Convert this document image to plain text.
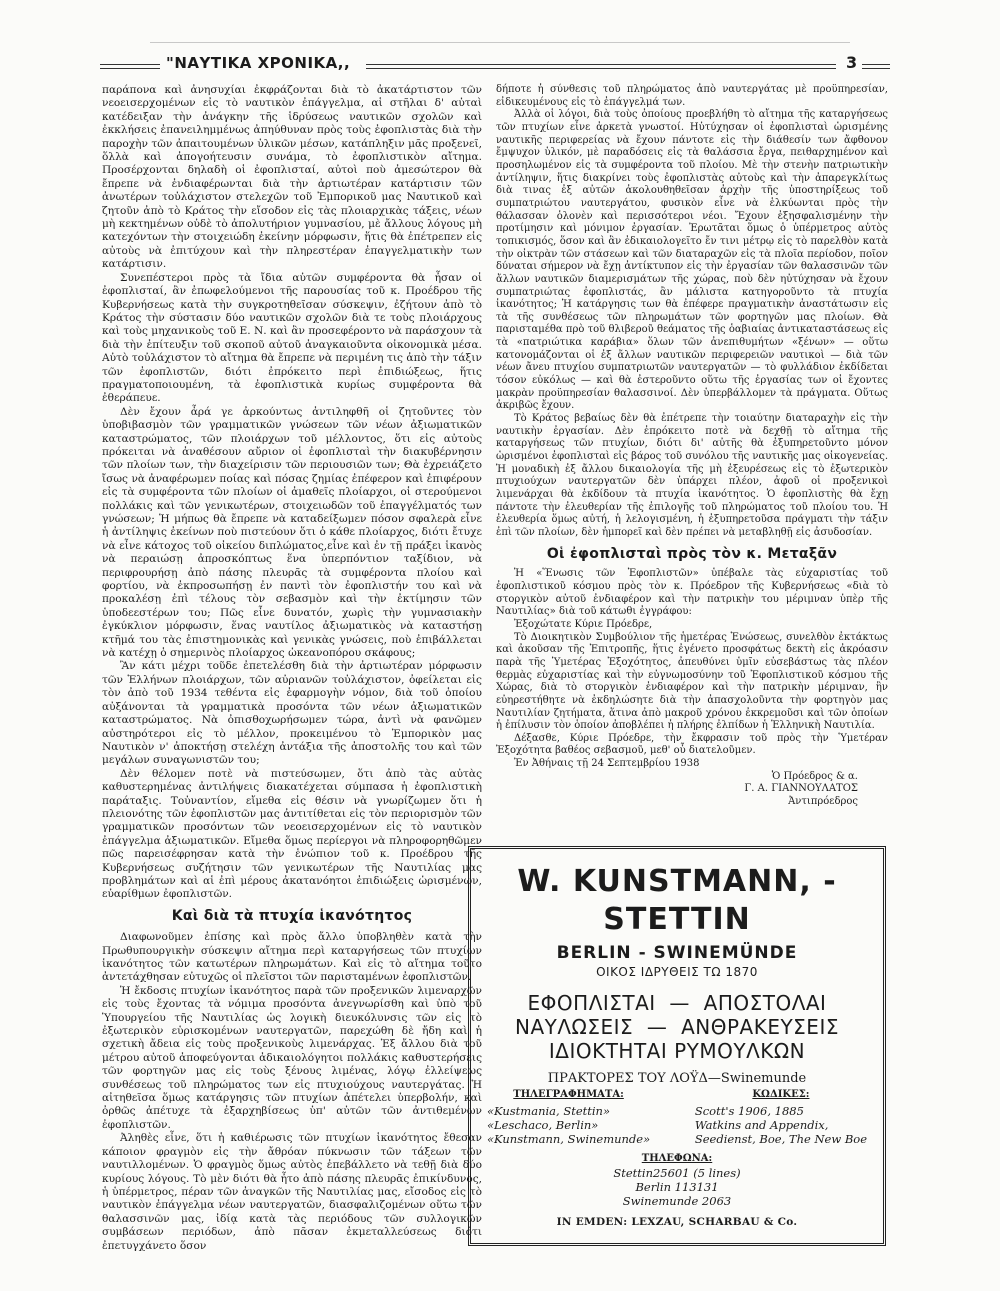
"ΝΑΥΤΙΚΑ ΧΡΟΝΙΚΑ,,	3

παράπονα καὶ ἀνησυχίαι ἐκφράζονται διὰ τὸ ἀκατάρτιστον τῶν νεοεισερχομένων εἰς τὸ ναυτικὸν ἐπάγγελμα, αἱ στῆλαι δ' αὐταὶ κατέδειξαν τὴν ἀνάγκην τῆς ἱδρύσεως ναυτικῶν σχολῶν καὶ ἐκκλήσεις ἐπανειλημμένως ἀπηύθυναν πρὸς τοὺς ἐφοπλιστὰς διὰ τὴν παροχὴν τῶν ἀπαιτουμένων ὑλικῶν μέσων, κατάπληξιν μᾶς προξενεῖ, ὅλλὰ καὶ ἀπογοήτευσιν συνάμα, τὸ ἐφοπλιστικὸν αἴτημα. Προσέρχονται δηλαδὴ οἱ ἐφοπλισταί, αὐτοὶ ποὺ ἀμεσώτερον θὰ ἔπρεπε νὰ ἐνδιαφέρωνται διὰ τὴν ἀρτιωτέραν κατάρτισιν τῶν ἀνωτέρων τοὐλάχιστον στελεχῶν τοῦ Ἐμπορικοῦ μας Ναυτικοῦ καὶ ζητοῦν ἀπὸ τὸ Κράτος τὴν εἴσοδον εἰς τὰς πλοιαρχικὰς τάξεις, νέων μὴ κεκτημένων οὐδὲ τὸ ἀπολυτήριον γυμνασίου, μὲ ἄλλους λόγους μὴ κατεχόντων τὴν στοιχειώδη ἐκείνην μόρφωσιν, ἥτις θὰ ἐπέτρεπεν εἰς αὐτοὺς νὰ ἐπιτύχουν καὶ τὴν πληρεστέραν ἐπαγγελματικὴν των κατάρτισιν.

Συνεπέστεροι πρὸς τὰ ἴδια αὐτῶν συμφέροντα θὰ ἦσαν οἱ ἐφοπλισταί, ἂν ἐπωφελούμενοι τῆς παρουσίας τοῦ κ. Προέδρου τῆς Κυβερνήσεως κατὰ τὴν συγκροτηθεῖσαν σύσκεψιν, ἐζήτουν ἀπὸ τὸ Κράτος τὴν σύστασιν δύο ναυτικῶν σχολῶν διὰ τε τοὺς πλοιάρχους καὶ τοὺς μηχανικοὺς τοῦ Ε. Ν. καὶ ἂν προσεφέροντο νὰ παράσχουν τὰ διὰ τὴν ἐπίτευξιν τοῦ σκοποῦ αὐτοῦ ἀναγκαιοῦντα οἰκονομικὰ μέσα. Αὐτὸ τοὐλάχιστον τὸ αἴτημα θὰ ἔπρεπε νὰ περιμένη τις ἀπὸ τὴν τάξιν τῶν ἐφοπλιστῶν, διότι ἐπρόκειτο περὶ ἐπιδιώξεως, ἥτις πραγματοποιουμένη, τὰ ἐφοπλιστικὰ κυρίως συμφέροντα θὰ ἐθεράπευε.

Δὲν ἔχουν ἆρά γε ἀρκούντως ἀντιληφθῆ οἱ ζητοῦντες τὸν ὑποβιβασμὸν τῶν γραμματικῶν γνώσεων τῶν νέων ἀξιωματικῶν καταστρώματος, τῶν πλοιάρχων τοῦ μέλλοντος, ὅτι εἰς αὐτοὺς πρόκειται νὰ ἀναθέσουν αὔριον οἱ ἐφοπλισταὶ τὴν διακυβέρνησιν τῶν πλοίων των, τὴν διαχείρισιν τῶν περιουσιῶν των; Θὰ ἐχρειάζετο ἴσως νὰ ἀναφέρωμεν ποίας καὶ πόσας ζημίας ἐπέφερον καὶ ἐπιφέρουν εἰς τὰ συμφέροντα τῶν πλοίων οἱ ἀμαθεῖς πλοίαρχοι, οἱ στερούμενοι πολλάκις καὶ τῶν γενικωτέρων, στοιχειωδῶν τοῦ ἐπαγγέλματός των γνώσεων; Ἡ μήπως θὰ ἔπρεπε νὰ καταδείξωμεν πόσον σφαλερὰ εἶνε ἡ ἀντίληψις ἐκείνων ποὺ πιστεύουν ὅτι ὁ κάθε πλοίαρχος, διότι ἔτυχε νὰ εἶνε κάτοχος τοῦ οἰκείου διπλώματος,εἶνε καὶ ἐν τῇ πράξει ἱκανὸς νὰ περαιώσῃ ἀπροσκόπτως ἕνα ὑπερπόντιον ταξίδιον, νὰ περιφρουρήσῃ ἀπὸ πάσης πλευρᾶς τὰ συμφέροντα πλοίου καὶ φορτίου, νὰ ἐκπροσωπήσῃ ἐν παντὶ τὸν ἐφοπλιστήν του καὶ νὰ προκαλέσῃ ἐπὶ τέλους τὸν σεβασμὸν καὶ τὴν ἐκτίμησιν τῶν ὑποδεεστέρων του; Πῶς εἶνε δυνατόν, χωρὶς τὴν γυμνασιακὴν ἐγκύκλιον μόρφωσιν, ἕνας ναυτίλος ἀξιωματικὸς νὰ καταστήσῃ κτῆμά του τὰς ἐπιστημονικὰς καὶ γενικὰς γνώσεις, ποὺ ἐπιβάλλεται νὰ κατέχῃ ὁ σημερινὸς πλοίαρχος ὠκεανοπόρου σκάφους;

Ἂν κάτι μέχρι τοῦδε ἐπετελέσθη διὰ τὴν ἀρτιωτέραν μόρφωσιν τῶν Ἑλλήνων πλοιάρχων, τῶν αὐριανῶν τοὐλάχιστον, ὀφείλεται εἰς τὸν ἀπὸ τοῦ 1934 τεθέντα εἰς ἐφαρμογὴν νόμον, διὰ τοῦ ὁποίου αὐξάνονται τὰ γραμματικὰ προσόντα τῶν νέων ἀξιωματικῶν καταστρώματος. Νὰ ὀπισθοχωρήσωμεν τώρα, ἀντὶ νὰ φανῶμεν αὐστηρότεροι εἰς τὸ μέλλον, προκειμένου τὸ Ἐμπορικὸν μας Ναυτικὸν ν' ἀποκτήσῃ στελέχη ἀντάξια τῆς ἀποστολῆς του καὶ τῶν μεγάλων συναγωνιστῶν του;

Δὲν θέλομεν ποτὲ νὰ πιστεύσωμεν, ὅτι ἀπὸ τὰς αὐτὰς καθυστερημένας ἀντιλήψεις διακατέχεται σύμπασα ἡ ἐφοπλιστικὴ παράταξις. Τοὐναντίον, εἴμεθα εἰς θέσιν νὰ γνωρίζωμεν ὅτι ἡ πλειονότης τῶν ἐφοπλιστῶν μας ἀντιτίθεται εἰς τὸν περιορισμὸν τῶν γραμματικῶν προσόντων τῶν νεοεισερχομένων εἰς τὸ ναυτικὸν ἐπάγγελμα ἀξιωματικῶν. Εἴμεθα ὅμως περίεργοι νὰ πληροφορηθῶμεν πῶς παρεισέφρησαν κατὰ τὴν ἑνώπιον τοῦ κ. Προέδρου τῆς Κυβερνήσεως συζήτησιν τῶν γενικωτέρων τῆς Ναυτιλίας μας προβλημάτων καὶ αἱ ἐπὶ μέρους ἀκατανόητοι ἐπιδιώξεις ὡρισμένων, εὐαρίθμων ἐφοπλιστῶν.

Καὶ διὰ τὰ πτυχία ἱκανότητος

Διαφωνοῦμεν ἐπίσης καὶ πρὸς ἄλλο ὑποβληθὲν κατὰ τὴν Πρωθυπουργικὴν σύσκεψιν αἴτημα περὶ καταργήσεως τῶν πτυχίων ἱκανότητος τῶν κατωτέρων πληρωμάτων. Καὶ εἰς τὸ αἴτημα τοῦτο ἀντετάχθησαν εὐτυχῶς οἱ πλεῖστοι τῶν παρισταμένων ἐφοπλιστῶν.

Ἡ ἔκδοσις πτυχίων ἱκανότητος παρὰ τῶν προξενικῶν λιμεναρχῶν εἰς τοὺς ἔχοντας τὰ νόμιμα προσόντα ἀνεγνωρίσθη καὶ ὑπὸ τοῦ Ὑπουργείου τῆς Ναυτιλίας ὡς λογικὴ διευκόλυνσις τῶν εἰς τὸ ἐξωτερικὸν εὑρισκομένων ναυτεργατῶν, παρεχώθη δὲ ἤδη καὶ ἡ σχετικὴ ἄδεια εἰς τοὺς προξενικοὺς λιμενάρχας. Ἐξ ἄλλου διὰ τοῦ μέτρου αὐτοῦ ἀποφεύγονται ἀδικαιολόγητοι πολλάκις καθυστερήσεις τῶν φορτηγῶν μας εἰς τοὺς ξένους λιμένας, λόγῳ ἐλλείψεως συνθέσεως τοῦ πληρώματος των εἰς πτυχιούχους ναυτεργάτας. Ἡ αἰτηθεῖσα ὅμως κατάργησις τῶν πτυχίων ἀπέτελει ὑπερβολήν, καὶ ὀρθῶς ἀπέτυχε τὰ ἐξαρχηβίσεως ὑπ' αὐτῶν τῶν ἀντιθεμένων ἐφοπλιστῶν.

Ἀληθὲς εἶνε, ὅτι ἡ καθιέρωσις τῶν πτυχίων ἱκανότητος ἔθεσαν κάποιον φραγμὸν εἰς τὴν ἄθρόαν πύκνωσιν τῶν τάξεων τῶν ναυτιλλομένων. Ὁ φραγμὸς ὅμως αὐτὸς ἐπεβάλλετο νὰ τεθῇ διὰ δύο κυρίους λόγους. Τὸ μὲν διότι θὰ ἦτο ἀπὸ πάσης πλευρᾶς ἐπικίνδυνος, ἡ ὑπέρμετρος, πέραν τῶν ἀναγκῶν τῆς Ναυτιλίας μας, εἴσοδος εἰς τὸ ναυτικὸν ἐπάγγελμα νέων ναυτεργατῶν, διασφαλιζομένων οὕτω τῶν θαλασσινῶν μας, ἰδίᾳ κατὰ τὰς περιόδους τῶν συλλογικῶν συμβάσεων περιόδων, ἀπὸ πᾶσαν ἐκμεταλλεύσεως διότι ἐπετυγχάνετο ὅσον

δήποτε ἡ σύνθεσις τοῦ πληρώματος ἀπὸ ναυτεργάτας μὲ προϋπηρεσίαν, εἰδικευμένους εἰς τὸ ἐπάγγελμά των.

Ἀλλὰ οἱ λόγοι, διὰ τοὺς ὁποίους προεβλήθη τὸ αἴτημα τῆς καταργήσεως τῶν πτυχίων εἶνε ἀρκετὰ γνωστοί. Ηὐτύχησαν οἱ ἐφοπλισταὶ ὡρισμένης ναυτικῆς περιφερείας νὰ ἔχουν πάντοτε εἰς τὴν διάθεσίν των ἄφθονον ἔμψυχον ὑλικόν, μὲ παραδόσεις εἰς τὰ θαλάσσια ἔργα, πειθαρχημένον καὶ προσηλωμένον εἰς τὰ συμφέροντα τοῦ πλοίου. Μὲ τὴν στενὴν πατριωτικὴν ἀντίληψιν, ἥτις διακρίνει τοὺς ἐφοπλιστὰς αὐτοὺς καὶ τὴν ἀπαρεγκλίτως διὰ τινας ἐξ αὐτῶν ἀκολουθηθεῖσαν ἀρχὴν τῆς ὑποστηρίξεως τοῦ συμπατριώτου ναυτεργάτου, φυσικὸν εἶνε νὰ ἑλκύωνται πρὸς τὴν θάλασσαν ὁλονὲν καὶ περισσότεροι νέοι. Ἔχουν ἐξησφαλισμένην τὴν προτίμησιν καὶ μόνιμον ἐργασίαν. Ἐρωτᾶται ὅμως ὁ ὑπέρμετρος αὐτὸς τοπικισμός, ὅσον καὶ ἂν ἐδικαιολογεῖτο ἔν τινι μέτρῳ εἰς τὸ παρελθὸν κατὰ τὴν οἰκτρὰν τῶν στάσεων καὶ τῶν διαταραχῶν εἰς τὰ πλοῖα περίοδον, ποῖον δύναται σήμερον νὰ ἔχῃ ἀντίκτυπον εἰς τὴν ἐργασίαν τῶν θαλασσινῶν τῶν ἄλλων ναυτικῶν διαμερισμάτων τῆς χώρας, ποὺ δὲν ηὐτύχησαν νὰ ἔχουν συμπατριώτας ἐφοπλιστάς, ἂν μάλιστα κατηγοροῦντο τὰ πτυχία ἱκανότητος; Ἡ κατάργησις των θὰ ἐπέφερε πραγματικὴν ἀναστάτωσιν εἰς τὰ τῆς συνθέσεως τῶν πληρωμάτων τῶν φορτηγῶν μας πλοίων. Θὰ παρισταμέθα πρὸ τοῦ θλιβεροῦ θεάματος τῆς ὁαβιαίας ἀντικαταστάσεως εἰς τὰ «πατριώτικα καράβια» ὅλων τῶν ἀνεπιθυμήτων «ξένων» — οὕτω κατονομάζονται οἱ ἐξ ἄλλων ναυτικῶν περιφερειῶν ναυτικοὶ — διὰ τῶν νέων ἄνευ πτυχίου συμπατριωτῶν ναυτεργατῶν — τὸ φυλλάδιον ἐκδίδεται τόσον εὐκόλως — καὶ θὰ ἐστεροῦντο οὕτω τῆς ἐργασίας των οἱ ἔχοντες μακρὰν προϋπηρεσίαν θαλασσινοί. Δὲν ὑπερβάλλομεν τὰ πράγματα. Οὕτως ἀκριβῶς ἔχουν.

Τὸ Κράτος βεβαίως δὲν θὰ ἐπέτρεπε τὴν τοιαύτην διαταραχὴν εἰς τὴν ναυτικὴν ἐργασίαν. Δὲν ἐπρόκειτο ποτὲ νὰ δεχθῇ τὸ αἴτημα τῆς καταργήσεως τῶν πτυχίων, διότι δι' αὐτῆς θὰ ἐξυπηρετοῦντο μόνον ὡρισμένοι ἐφοπλισταὶ εἰς βάρος τοῦ συνόλου τῆς ναυτικῆς μας οἰκογενείας. Ἡ μοναδικὴ ἐξ ἄλλου δικαιολογία τῆς μὴ ἐξευρέσεως εἰς τὸ ἐξωτερικὸν πτυχιούχων ναυτεργατῶν δὲν ὑπάρχει πλέον, ἀφοῦ οἱ προξενικοὶ λιμενάρχαι θὰ ἐκδίδουν τὰ πτυχία ἱκανότητος. Ὁ ἐφοπλιστὴς θὰ ἔχῃ πάντοτε τὴν ἐλευθερίαν τῆς ἐπιλογῆς τοῦ πληρώματος τοῦ πλοίου του. Ἡ ἐλευθερία ὅμως αὐτή, ἡ λελογισμένη, ἡ ἐξυπηρετοῦσα πράγματι τὴν τάξιν ἐπὶ τῶν πλοίων, δὲν ἠμπορεῖ καὶ δὲν πρέπει νὰ μεταβληθῇ εἰς ἀσυδοσίαν.

Οἱ ἐφοπλισταὶ πρὸς τὸν κ. Μεταξᾶν

Ἡ «Ἕνωσις τῶν Ἐφοπλιστῶν» ὑπέβαλε τὰς εὐχαριστίας τοῦ ἐφοπλιστικοῦ κόσμου πρὸς τὸν κ. Πρόεδρον τῆς Κυβερνήσεως «διὰ τὸ στοργικὸν αὐτοῦ ἐνδιαφέρον καὶ τὴν πατρικὴν του μέριμναν ὑπὲρ τῆς Ναυτιλίας» διὰ τοῦ κάτωθι ἐγγράφου:

Ἐξοχώτατε Κύριε Πρόεδρε,

Τὸ Διοικητικὸν Συμβούλιον τῆς ἡμετέρας Ἑνώσεως, συνελθὸν ἐκτάκτως καὶ ἀκοῦσαν τῆς Ἐπιτροπῆς, ἥτις ἐγένετο προσφάτως δεκτὴ εἰς ἀκρόασιν παρὰ τῆς Ὑμετέρας Ἐξοχότητος, ἀπευθύνει ὑμῖν εὐσεβάστως τὰς πλέον θερμὰς εὐχαριστίας καὶ τὴν εὐγνωμοσύνην τοῦ Ἐφοπλιστικοῦ κόσμου τῆς Χώρας, διὰ τὸ στοργικὸν ἐνδιαφέρον καὶ τὴν πατρικὴν μέριμναν, ἣν εὐηρεστήθητε νὰ ἐκδηλώσητε διὰ τὴν ἀπασχολοῦντα τὴν φορτηγὸν μας Ναυτιλίαν ζητήματα, ἅτινα ἀπὸ μακροῦ χρόνου ἐκκρεμοῦσι καὶ τῶν ὁποίων ἡ ἐπίλυσιν τὸν ὁποίον ἀποβλέπει ἡ πλήρης ἐλπίδων ἡ Ἑλληνικὴ Ναυτιλία.

Δέξασθε, Κύριε Πρόεδρε, τὴν ἔκφρασιν τοῦ πρὸς τὴν Ὑμετέραν Ἐξοχότητα βαθέος σεβασμοῦ, μεθ' οὗ διατελοῦμεν.

Ἐν Ἀθήναις τῇ 24 Σεπτεμβρίου 1938

Ὁ Πρόεδρος & α.

Γ. Α. ΓΙΑΝΝΟΥΛΑΤΟΣ

Ἀντιπρόεδρος

W. KUNSTMANN, -STETTIN
BERLIN - SWINEMÜNDE
ΟΙΚΟΣ ΙΔΡΥΘΕΙΣ ΤΩ 1870
ΕΦΟΠΛΙΣΤΑΙ  —  ΑΠΟΣΤΟΛΑΙ
ΝΑΥΛΩΣΕΙΣ  —  ΑΝΘΡΑΚΕΥΣΕΙΣ
ΙΔΙΟΚΤΗΤΑΙ ΡΥΜΟΥΛΚΩΝ
ΠΡΑΚΤΟΡΕΣ ΤΟΥ ΛΟΫΔ—Swinemunde
ΤΗΛΕΓΡΑΦΗΜΑΤΑ:
«Kustmania, Stettin»
«Leschaco, Berlin»
«Kunstmann, Swinemunde»
ΚΩΔΙΚΕΣ:
Scott's 1906, 1885
Watkins and Appendix,
Seedienst, Boe, The New Boe
ΤΗΛΕΦΩΝΑ:
Stettin25601 (5 lines)
Berlin 113131
Swinemunde 2063
IN EMDEN: LEXZAU, SCHARBAU & Co.
